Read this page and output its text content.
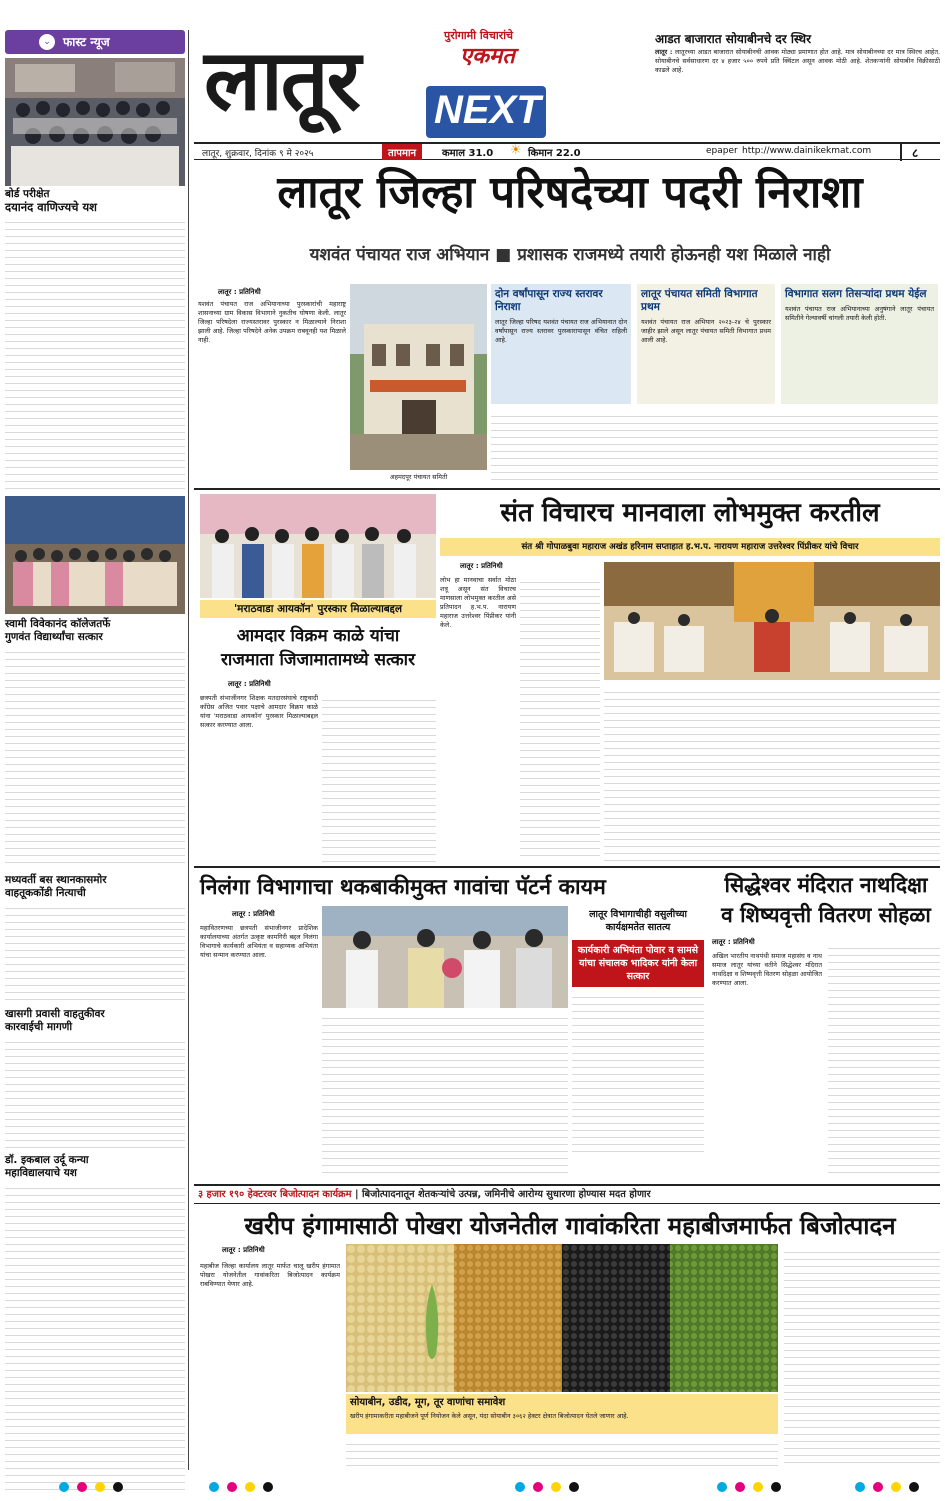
⌄	फास्ट न्यूज
बोर्ड परीक्षेत
दयानंद वाणिज्यचे यश
स्वामी विवेकानंद कॉलेजतर्फे
गुणवंत विद्यार्थ्यांचा सत्कार
मध्यवर्ती बस स्थानकासमोर
वाहतूककोंडी नित्याची
खासगी प्रवासी वाहतुकीवर
कारवाईची मागणी
डॉ. इकबाल उर्दू कन्या
महाविद्यालयाचे यश
लातूर NEXT
पुरोगामी विचारांचे
एकमत
आडत बाजारात सोयाबीनचे दर स्थिर
लातूर : लातूरच्या आडत बाजारात सोयाबीनची आवक मोठ्या प्रमाणात होत आहे. मात्र सोयाबीनच्या दर मात्र स्थिरच आहेत. सोयाबीनचे सर्वसाधारण दर ४ हजार ५०० रुपये प्रति क्विंटल असून आवक मोठी आहे. शेतकऱ्यांनी सोयाबीन विक्रीसाठी काढले आहे.
लातूर, शुक्रवार, दिनांक ९ मे २०२५	तापमान	कमाल 31.0 ☀ किमान 22.0	epaper http://www.dainikekmat.com	८
लातूर जिल्हा परिषदेच्या पदरी निराशा
यशवंत पंचायत राज अभियान ■ प्रशासक राजमध्ये तयारी होऊनही यश मिळाले नाही
लातूर : प्रतिनिधी
यशवंत पंचायत राज अभियानाच्या पुरस्कारांची महाराष्ट्र शासनाच्या ग्राम विकास विभागाने नुकतीच घोषणा केली. लातूर जिल्हा परिषदेला राज्यस्तरावर पुरस्कार न मिळाल्याने निराशा झाली आहे. जिल्हा परिषदेने अनेक उपक्रम राबवूनही यश मिळाले नाही.
अहमदपूर पंचायत समिती
दोन वर्षांपासून राज्य स्तरावर निराशा
लातूर जिल्हा परिषद यशवंत पंचायत राज अभियानात दोन वर्षांपासून राज्य स्तरावर पुरस्कारापासून वंचित राहिली आहे.
लातूर पंचायत समिती विभागात प्रथम
यशवंत पंचायत राज अभियान २०२३-२४ चे पुरस्कार जाहीर झाले असून लातूर पंचायत समिती विभागात प्रथम आली आहे.
विभागात सलग तिसऱ्यांदा प्रथम येईल
यशवंत पंचायत राज अभियानाच्या अनुषंगाने लातूर पंचायत समितीने गेल्यावर्षी चांगली तयारी केली होती.
'मराठवाडा आयकॉन' पुरस्कार मिळाल्याबद्दल
आमदार विक्रम काळे यांचा
राजमाता जिजामातामध्ये सत्कार
लातूर : प्रतिनिधी
छत्रपती संभाजीनगर शिक्षक मतदारसंघाचे राष्ट्रवादी काँग्रेस अजित पवार पक्षाचे आमदार विक्रम काळे यांना 'मराठवाडा आयकॉन' पुरस्कार मिळाल्याबद्दल सत्कार करण्यात आला.
संत विचारच मानवाला लोभमुक्त करतील
संत श्री गोपाळबुवा महाराज अखंड हरिनाम सप्ताहात ह.भ.प. नारायण महाराज उत्तरेश्वर पिंप्रीकर यांचे विचार
लातूर : प्रतिनिधी
लोभ हा मानवाचा सर्वात मोठा शत्रू असून संत विचारच माणसाला लोभमुक्त करतील असे प्रतिपादन ह.भ.प. नारायण महाराज उत्तरेश्वर पिंप्रीकर यांनी केले.
निलंगा विभागाचा थकबाकीमुक्त गावांचा पॅटर्न कायम
लातूर : प्रतिनिधी
महावितरणच्या छत्रपती संभाजीनगर प्रादेशिक कार्यालयाच्या अंतर्गत उत्कृष्ट कामगिरी बद्दल निलंगा विभागाचे कार्यकारी अभियंता व सहाय्यक अभियंता यांचा सन्मान करण्यात आला.
लातूर विभागाचीही वसुलीच्या कार्यक्षमतेत सातत्य
कार्यकारी अभियंता पोवार व सामसे यांचा संचालक भादिकर यांनी केला सत्कार
सिद्धेश्वर मंदिरात नाथदिक्षा
व शिष्यवृत्ती वितरण सोहळा
लातूर : प्रतिनिधी
अखिल भारतीय नाथपंथी समाज महासंघ व नाथ समाज लातूर यांच्या वतीने सिद्धेश्वर मंदिरात नाथदिक्षा व शिष्यवृत्ती वितरण सोहळा आयोजित करण्यात आला.
३ हजार १९० हेक्टरवर बिजोत्पादन कार्यक्रम | बिजोत्पादनातून शेतकऱ्यांचे उत्पन्न, जमिनीचे आरोग्य सुधारणा होण्यास मदत होणार
खरीप हंगामासाठी पोखरा योजनेतील गावांकरिता महाबीजमार्फत बिजोत्पादन
लातूर : प्रतिनिधी
महाबीज जिल्हा कार्यालय लातूर मार्फत चालू खरीप हंगामात पोखरा योजनेतील गावांकरिता बिजोत्पादन कार्यक्रम राबविण्यात येणार आहे.
सोयाबीन, उडीद, मूग, तूर वाणांचा समावेश
खरीप हंगामाकरीता महाबीजने पूर्ण नियोजन केले असून, यंदा सोयाबीन ३०६२ हेक्टर क्षेत्रात बिजोत्पादन घेतले जाणार आहे.
